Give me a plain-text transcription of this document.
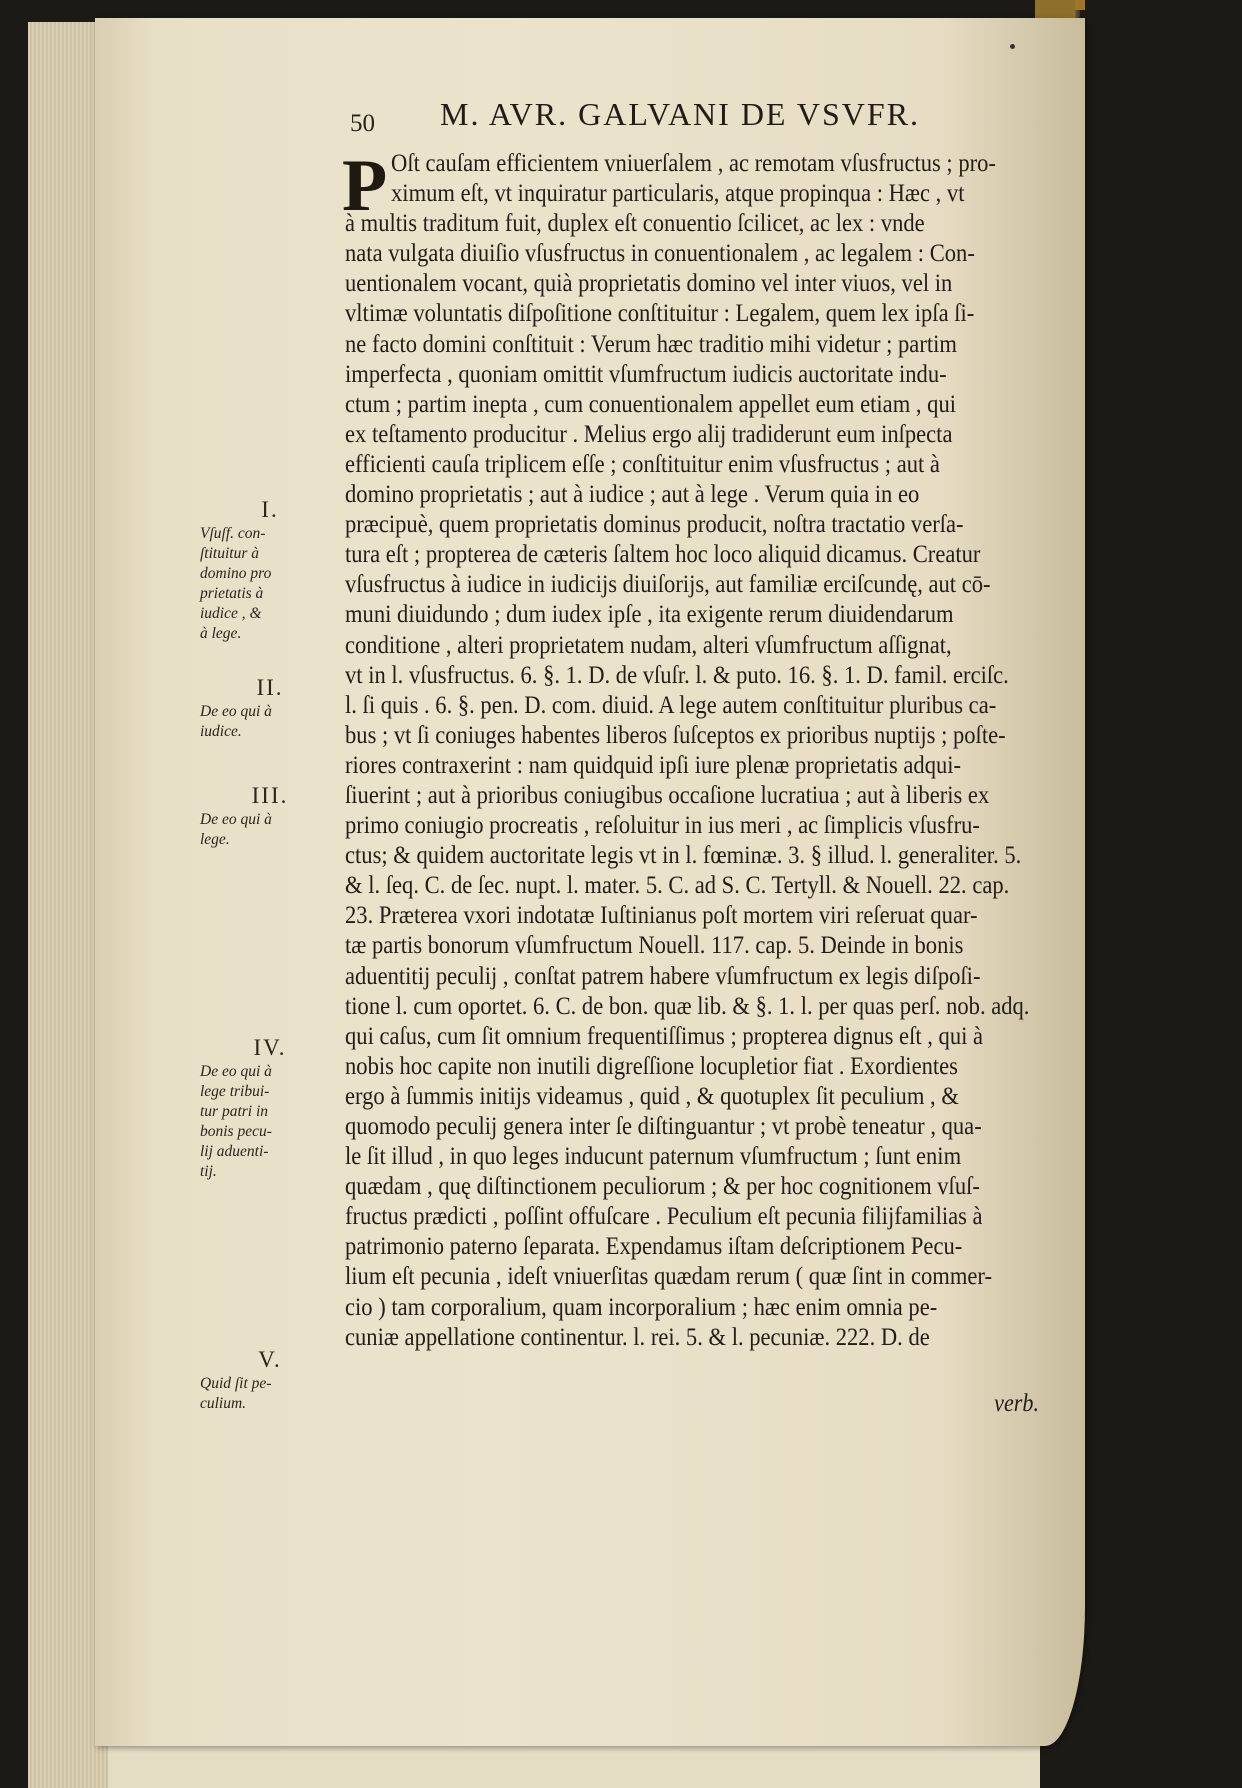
50 M. AVR. GALVANI DE VSVFR.
P Oſt cauſam efficientem vniuerſalem , ac remotam vſusfructus ; pro-
ximum eſt, vt inquiratur particularis, atque propinqua : Hæc , vt
à multis traditum fuit, duplex eſt conuentio ſcilicet, ac lex : vnde
nata vulgata diuiſio vſusfructus in conuentionalem , ac legalem : Con-
uentionalem vocant, quià proprietatis domino vel inter viuos, vel in
vltimæ voluntatis diſpoſitione conſtituitur : Legalem, quem lex ipſa ſi-
ne facto domini conſtituit : Verum hæc traditio mihi videtur ; partim
imperfecta , quoniam omittit vſumfructum iudicis auctoritate indu-
ctum ; partim inepta , cum conuentionalem appellet eum etiam , qui
ex teſtamento producitur . Melius ergo alij tradiderunt eum inſpecta
efficienti cauſa triplicem eſſe ; conſtituitur enim vſusfructus ; aut à
domino proprietatis ; aut à iudice ; aut à lege . Verum quia in eo
præcipuè, quem proprietatis dominus producit, noſtra tractatio verſa-
tura eſt ; propterea de cæteris ſaltem hoc loco aliquid dicamus. Creatur
vſusfructus à iudice in iudicijs diuiſorijs, aut familiæ erciſcundę, aut cō-
muni diuidundo ; dum iudex ipſe , ita exigente rerum diuidendarum
conditione , alteri proprietatem nudam, alteri vſumfructum aſſignat,
vt in l. vſusfructus. 6. §. 1. D. de vſuſr. l. & puto. 16. §. 1. D. famil. erciſc.
l. ſi quis . 6. §. pen. D. com. diuid. A lege autem conſtituitur pluribus ca-
bus ; vt ſi coniuges habentes liberos ſuſceptos ex prioribus nuptijs ; poſte-
riores contraxerint : nam quidquid ipſi iure plenæ proprietatis adqui-
ſiuerint ; aut à prioribus coniugibus occaſione lucratiua ; aut à liberis ex
primo coniugio procreatis , reſoluitur in ius meri , ac ſimplicis vſusfru-
ctus; & quidem auctoritate legis vt in l. fœminæ. 3. § illud. l. generaliter. 5.
& l. ſeq. C. de ſec. nupt. l. mater. 5. C. ad S. C. Tertyll. & Nouell. 22. cap.
23. Præterea vxori indotatæ Iuſtinianus poſt mortem viri reſeruat quar-
tæ partis bonorum vſumfructum Nouell. 117. cap. 5. Deinde in bonis
aduentitij peculij , conſtat patrem habere vſumfructum ex legis diſpoſi-
tione l. cum oportet. 6. C. de bon. quæ lib. & §. 1. l. per quas perſ. nob. adq.
qui caſus, cum ſit omnium frequentiſſimus ; propterea dignus eſt , qui à
nobis hoc capite non inutili digreſſione locupletior fiat . Exordientes
ergo à ſummis initijs videamus , quid , & quotuplex ſit peculium , &
quomodo peculij genera inter ſe diſtinguantur ; vt probè teneatur , qua-
le ſit illud , in quo leges inducunt paternum vſumfructum ; ſunt enim
quædam , quę diſtinctionem peculiorum ; & per hoc cognitionem vſuſ-
fructus prædicti , poſſint offuſcare . Peculium eſt pecunia filijfamilias à
patrimonio paterno ſeparata. Expendamus iſtam deſcriptionem Pecu-
lium eſt pecunia , ideſt vniuerſitas quædam rerum ( quæ ſint in commer-
cio ) tam corporalium, quam incorporalium ; hæc enim omnia pe-
cuniæ appellatione continentur. l. rei. 5. & l. pecuniæ. 222. D. de
verb.
I.
Vſuſf. con-
ſtituitur à
domino pro
prietatis à
iudice , &
à lege.
II.
De eo qui à
iudice.
III.
De eo qui à
lege.
IV.
De eo qui à
lege tribui-
tur patri in
bonis pecu-
lij aduenti-
tij.
V.
Quid ſit pe-
culium.
